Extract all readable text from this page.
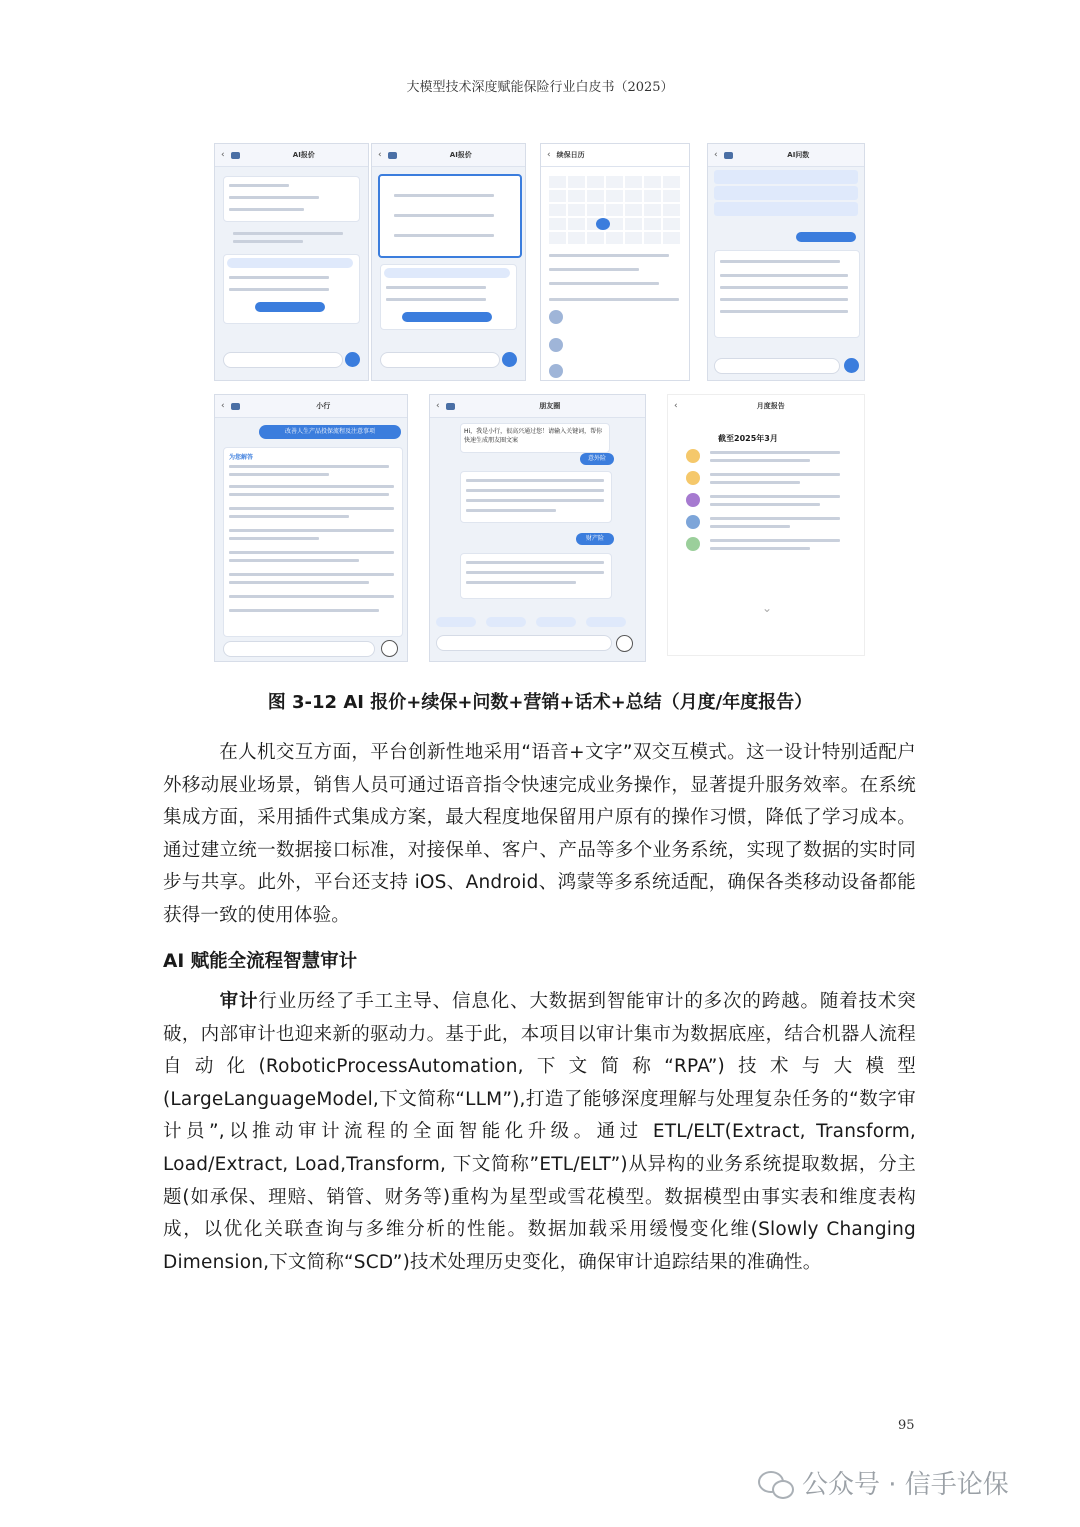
大模型技术深度赋能保险行业白皮书（2025）
‹	AI报价	‹	AI报价	‹ 续保日历	‹	AI问数
‹	小行
改善人生产品投保流程及注意事项
为您解答
‹	朋友圈
Hi，我是小行，很高兴通过您！请输入关键词，帮你快速生成朋友圈文案
意外险
财产险
‹	月度报告
截至2025年3月
⌄
图 3-12 AI 报价+续保+问数+营销+话术+总结（月度/年度报告）
在人机交互方面，平台创新性地采用“语音+文字”双交互模式。这一设计特别适配户外移动展业场景，销售人员可通过语音指令快速完成业务操作，显著提升服务效率。在系统集成方面，采用插件式集成方案，最大程度地保留用户原有的操作习惯，降低了学习成本。通过建立统一数据接口标准，对接保单、客户、产品等多个业务系统，实现了数据的实时同步与共享。此外，平台还支持 iOS、Android、鸿蒙等多系统适配，确保各类移动设备都能获得一致的使用体验。
AI 赋能全流程智慧审计
审计行业历经了手工主导、信息化、大数据到智能审计的多次的跨越。随着技术突破，内部审计也迎来新的驱动力。基于此，本项目以审计集市为数据底座，结合机器人流程自动化(RoboticProcessAutomation,下文简称“RPA”)技术与大模型(LargeLanguageModel,下文简称“LLM”),打造了能够深度理解与处理复杂任务的“数字审计员”,以推动审计流程的全面智能化升级。通过 ETL/ELT(Extract, Transform, Load/Extract, Load,Transform, 下文简称”ETL/ELT”)从异构的业务系统提取数据，分主题(如承保、理赔、销管、财务等)重构为星型或雪花模型。数据模型由事实表和维度表构成，以优化关联查询与多维分析的性能。数据加载采用缓慢变化维(Slowly Changing Dimension,下文简称“SCD”)技术处理历史变化，确保审计追踪结果的准确性。
95
公众号 · 信手论保
